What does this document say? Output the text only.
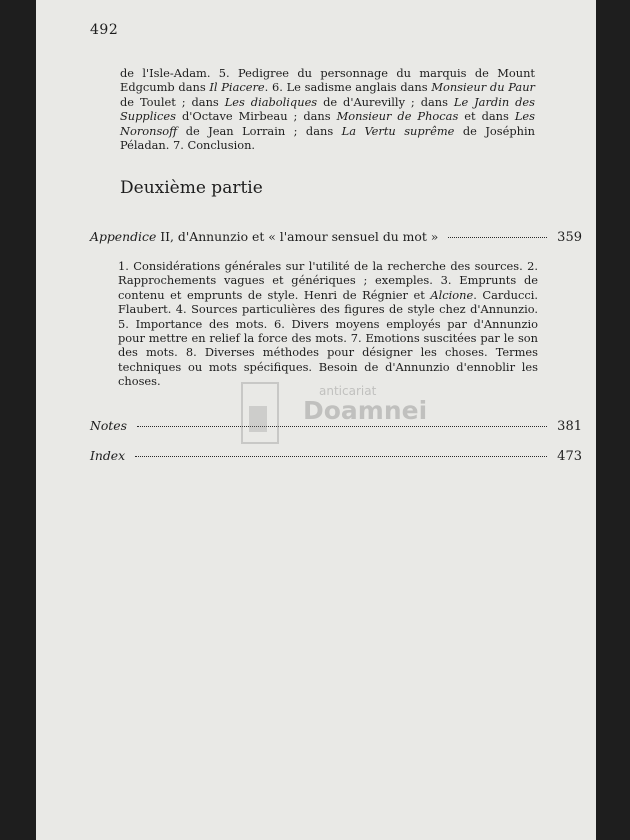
492

de l'Isle-Adam. 5. Pedigree du personnage du marquis de Mount Edgcumb dans Il Piacere. 6. Le sadisme anglais dans Monsieur du Paur de Toulet ; dans Les diaboliques de d'Aurevilly ; dans Le Jardin des Supplices d'Octave Mirbeau ; dans Monsieur de Phocas et dans Les Noronsoff de Jean Lorrain ; dans La Vertu suprême de Joséphin Péladan. 7. Conclusion.

Deuxième partie
Appendice II, d'Annunzio et « l'amour sensuel du mot »	359

1. Considérations générales sur l'utilité de la recherche des sources. 2. Rapprochements vagues et génériques ; exemples. 3. Emprunts de contenu et emprunts de style. Henri de Régnier et Alcione. Carducci. Flaubert. 4. Sources particulières des figures de style chez d'Annunzio. 5. Importance des mots. 6. Divers moyens employés par d'Annunzio pour mettre en relief la force des mots. 7. Emotions suscitées par le son des mots. 8. Diverses méthodes pour désigner les choses. Termes techniques ou mots spécifiques. Besoin de d'Annunzio d'ennoblir les choses.

Notes	381
Index	473
anticariat
Doamnei
